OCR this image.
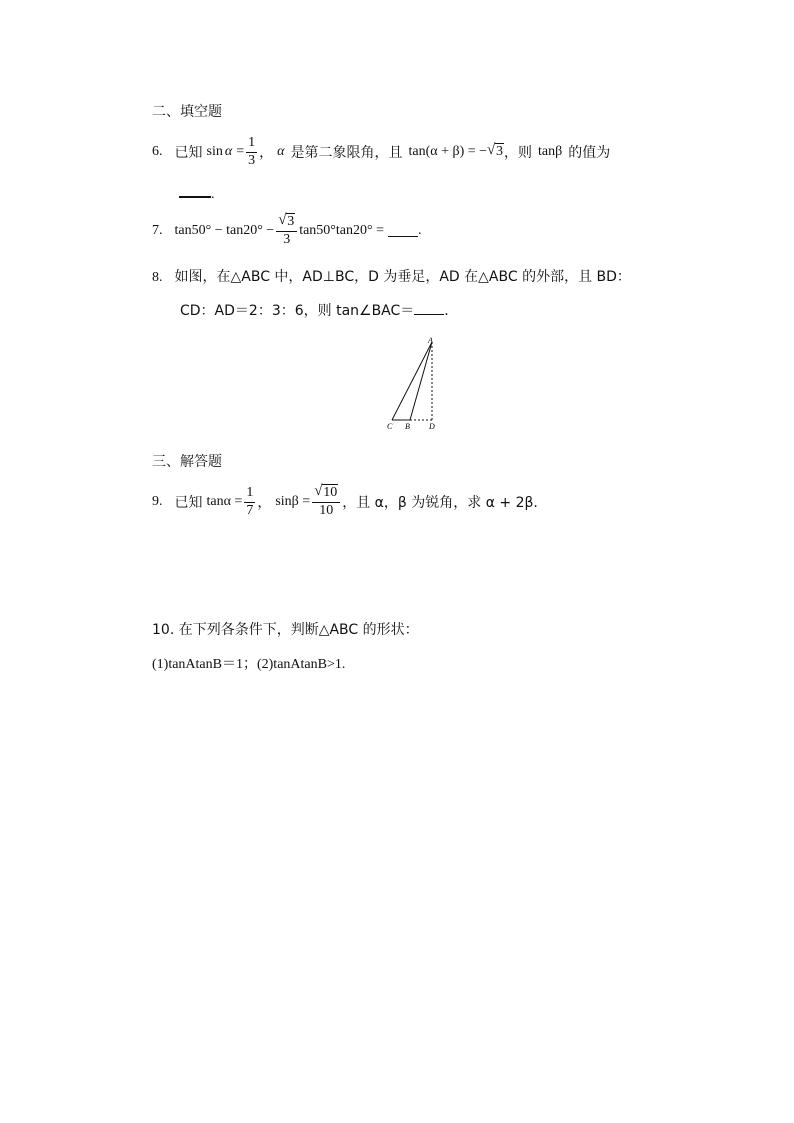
二、填空题
6. 已知 $\sin \alpha = \frac{1}{3}$ ， α 是第二象限角，且 tan(α + β) = − √ 3 ，则 tanβ 的值为
.
7. $\tan 50^\circ - \tan 20^\circ - \frac{√ 3}{3} \tan 50^\circ\tan 20^\circ$ = .
8. 如图，在△ABC 中，AD⊥BC，D 为垂足，AD 在△ABC 的外部，且 BD：
CD：AD＝2：3：6，则 tan∠BAC＝ .
A
C B D
三、解答题
9. 已知 $\tan\alpha = \frac{1}{7}$ ， $\sin\beta = \frac{√ 10}{10}$ ，且 α，β 为锐角，求 α + 2β.
10. 在下列各条件下，判断△ABC 的形状：
(1)tanAtanB＝1；(2)tanAtanB>1.
